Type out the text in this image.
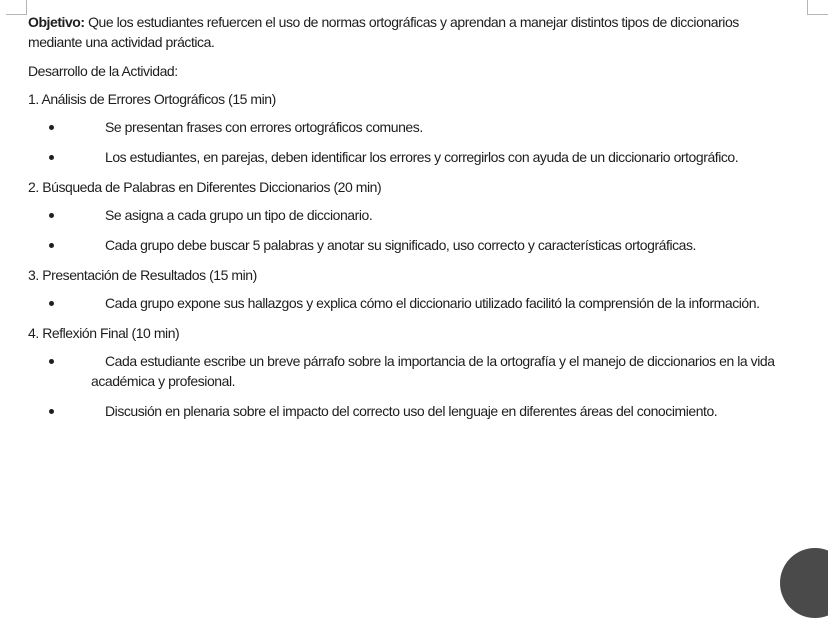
Objetivo: Que los estudiantes refuercen el uso de normas ortográficas y aprendan a manejar distintos tipos de diccionarios mediante una actividad práctica.

Desarrollo de la Actividad:

1. Análisis de Errores Ortográficos (15 min)

Se presentan frases con errores ortográficos comunes.
Los estudiantes, en parejas, deben identificar los errores y corregirlos con ayuda de un diccionario ortográfico.

2. Búsqueda de Palabras en Diferentes Diccionarios (20 min)

Se asigna a cada grupo un tipo de diccionario.
Cada grupo debe buscar 5 palabras y anotar su significado, uso correcto y características ortográficas.

3. Presentación de Resultados (15 min)

Cada grupo expone sus hallazgos y explica cómo el diccionario utilizado facilitó la comprensión de la información.

4. Reflexión Final (10 min)

Cada estudiante escribe un breve párrafo sobre la importancia de la ortografía y el manejo de diccionarios en la vida académica y profesional.
Discusión en plenaria sobre el impacto del correcto uso del lenguaje en diferentes áreas del conocimiento.
